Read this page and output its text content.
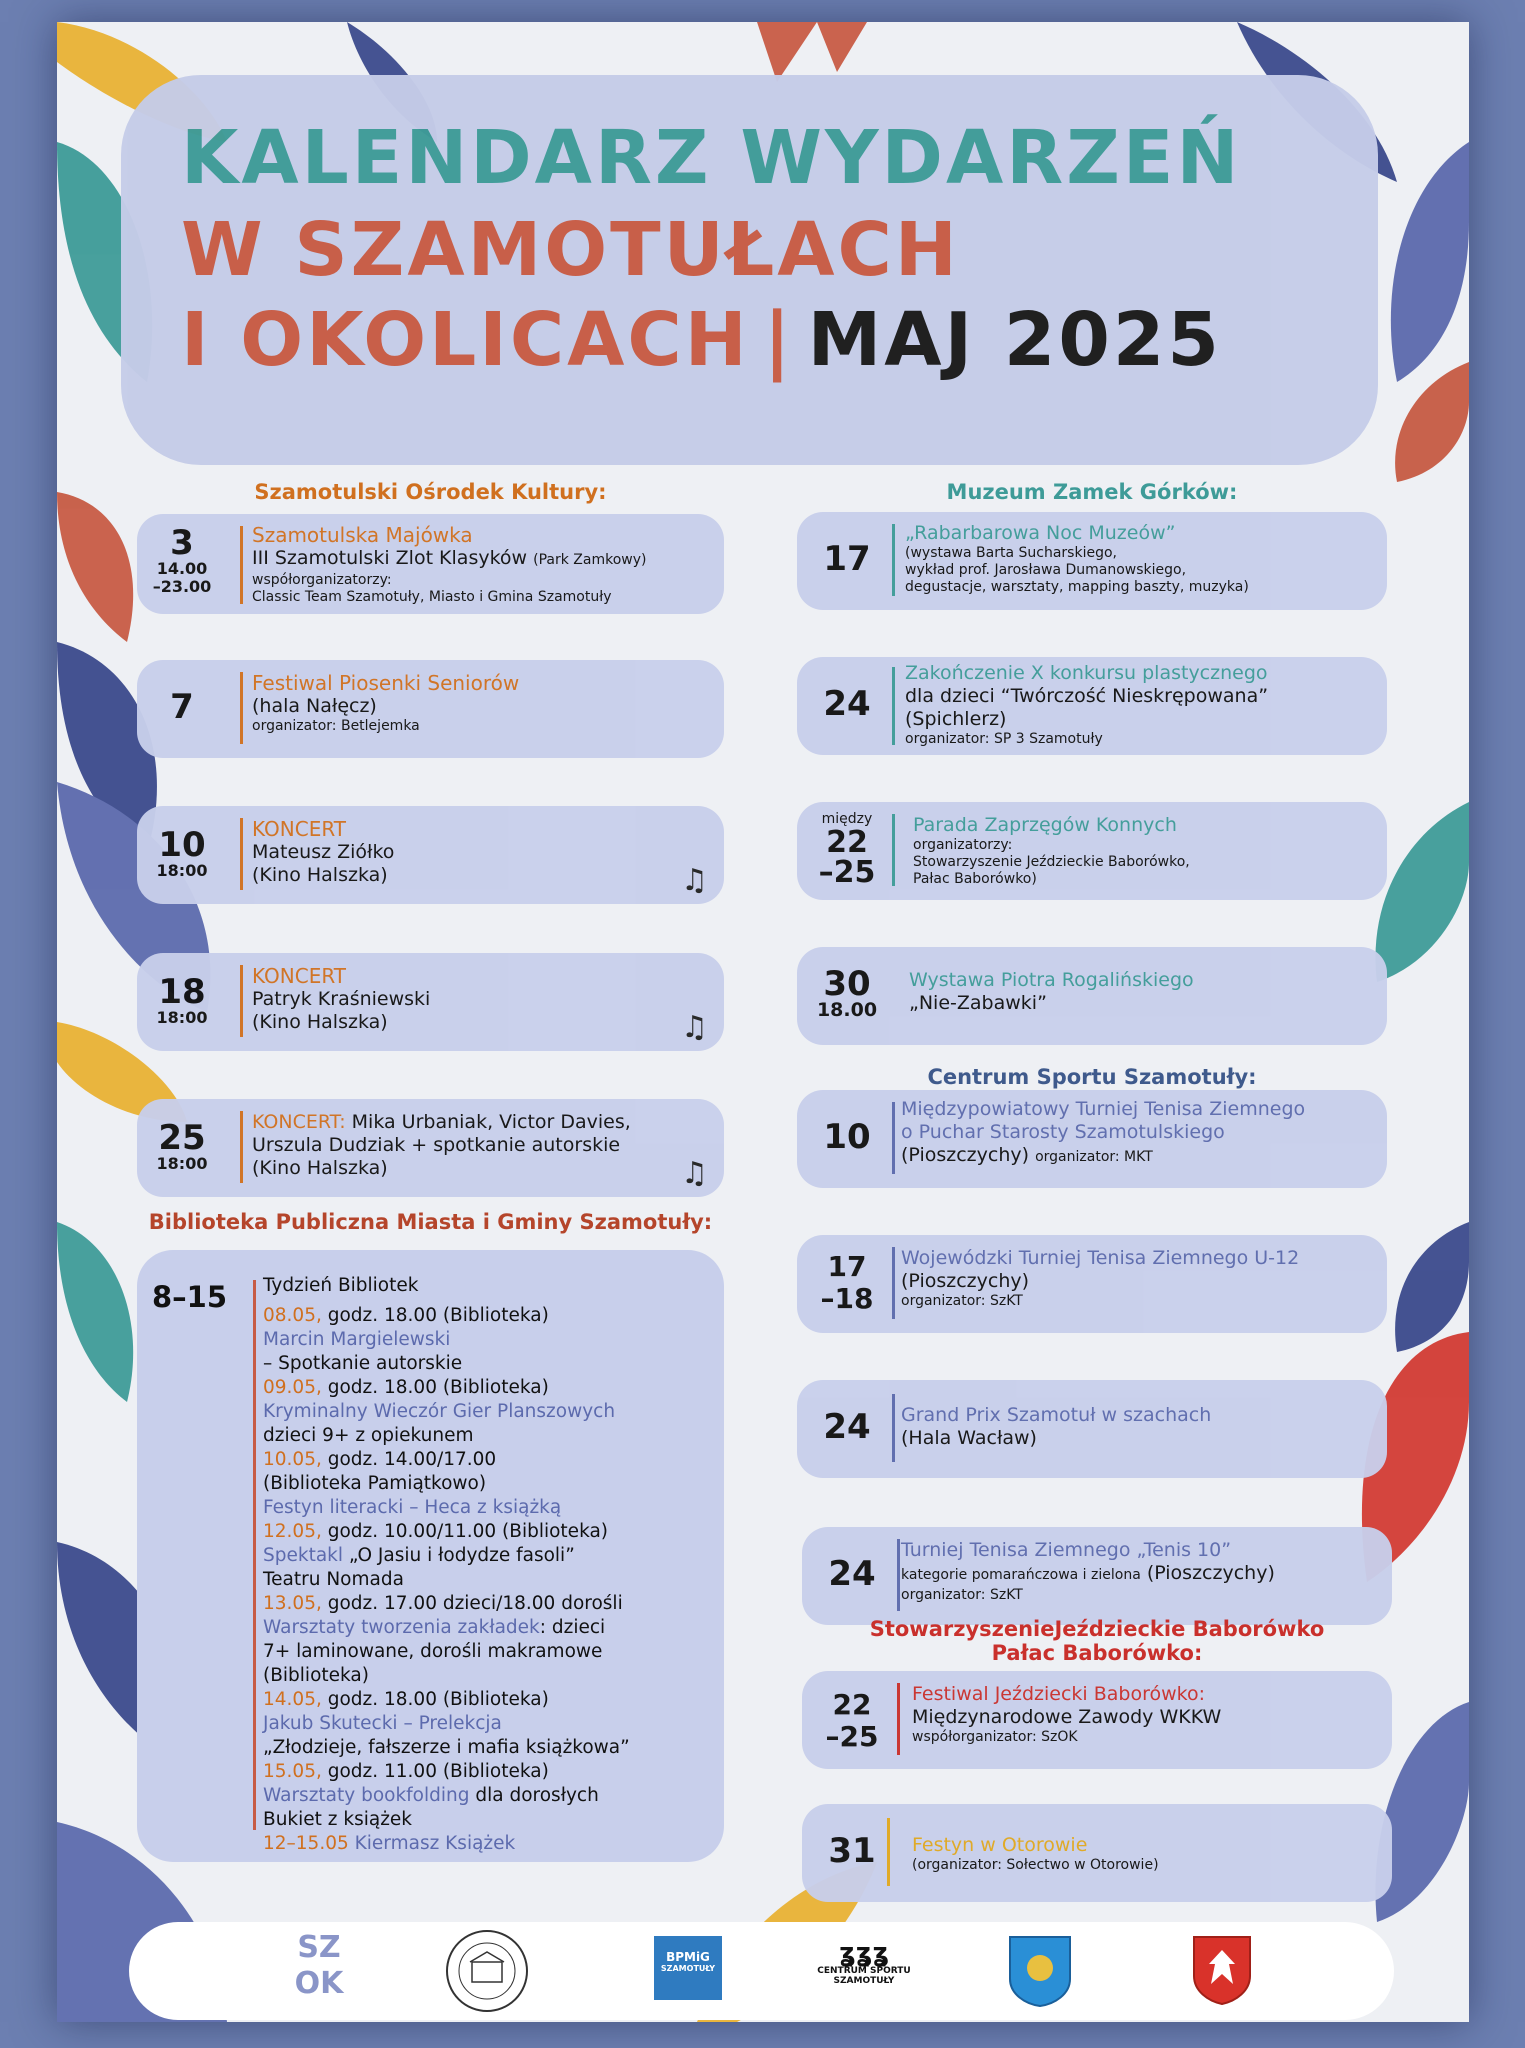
KALENDARZ WYDARZEŃ
W SZAMOTUŁACH
I OKOLICACH | MAJ 2025
Szamotulski Ośrodek Kultury:
3
14.00
–23.00
Szamotulska Majówka
III Szamotulski Zlot Klasyków (Park Zamkowy)
współorganizatorzy:
Classic Team Szamotuły, Miasto i Gmina Szamotuły
7
Festiwal Piosenki Seniorów
(hala Nałęcz)
organizator: Betlejemka
10
18:00
KONCERT
Mateusz Ziółko
(Kino Halszka)	♫
18
18:00
KONCERT
Patryk Kraśniewski
(Kino Halszka)	♫
25
18:00
KONCERT: Mika Urbaniak, Victor Davies,
Urszula Dudziak + spotkanie autorskie
(Kino Halszka)	♫
Biblioteka Publiczna Miasta i Gminy Szamotuły:
8–15 Tydzień Bibliotek
08.05, godz. 18.00 (Biblioteka)
Marcin Margielewski
– Spotkanie autorskie
09.05, godz. 18.00 (Biblioteka)
Kryminalny Wieczór Gier Planszowych
dzieci 9+ z opiekunem
10.05, godz. 14.00/17.00
(Biblioteka Pamiątkowo)
Festyn literacki – Heca z książką
12.05, godz. 10.00/11.00 (Biblioteka)
Spektakl „O Jasiu i łodydze fasoli”
Teatru Nomada
13.05, godz. 17.00 dzieci/18.00 dorośli
Warsztaty tworzenia zakładek: dzieci
7+ laminowane, dorośli makramowe
(Biblioteka)
14.05, godz. 18.00 (Biblioteka)
Jakub Skutecki – Prelekcja
„Złodzieje, fałszerze i mafia książkowa”
15.05, godz. 11.00 (Biblioteka)
Warsztaty bookfolding dla dorosłych
Bukiet z książek
12–15.05 Kiermasz Książek
Muzeum Zamek Górków:
17
„Rabarbarowa Noc Muzeów”
(wystawa Barta Sucharskiego,
wykład prof. Jarosława Dumanowskiego,
degustacje, warsztaty, mapping baszty, muzyka)
24
Zakończenie X konkursu plastycznego
dla dzieci “Twórczość Nieskrępowana”
(Spichlerz)
organizator: SP 3 Szamotuły
między
22
–25
Parada Zaprzęgów Konnych
organizatorzy:
Stowarzyszenie Jeździeckie Baborówko,
Pałac Baborówko)
30
18.00
Wystawa Piotra Rogalińskiego
„Nie-Zabawki”
Centrum Sportu Szamotuły:
10
Międzypowiatowy Turniej Tenisa Ziemnego
o Puchar Starosty Szamotulskiego
(Pioszczychy) organizator: MKT
17
–18
Wojewódzki Turniej Tenisa Ziemnego U-12
(Pioszczychy)
organizator: SzKT
24	Grand Prix Szamotuł w szachach
(Hala Wacław)
24
Turniej Tenisa Ziemnego „Tenis 10”
kategorie pomarańczowa i zielona (Pioszczychy)
organizator: SzKT
StowarzyszenieJeździeckie Baborówko
Pałac Baborówko:
22
–25
Festiwal Jeździecki Baborówko:
Międzynarodowe Zawody WKKW
współorganizator: SzOK
31	Festyn w Otorowie
(organizator: Sołectwo w Otorowie)
SZ
OK
BPMiG
SZAMOTUŁY
ʓʓʓ
CENTRUM SPORTU
SZAMOTUŁY
